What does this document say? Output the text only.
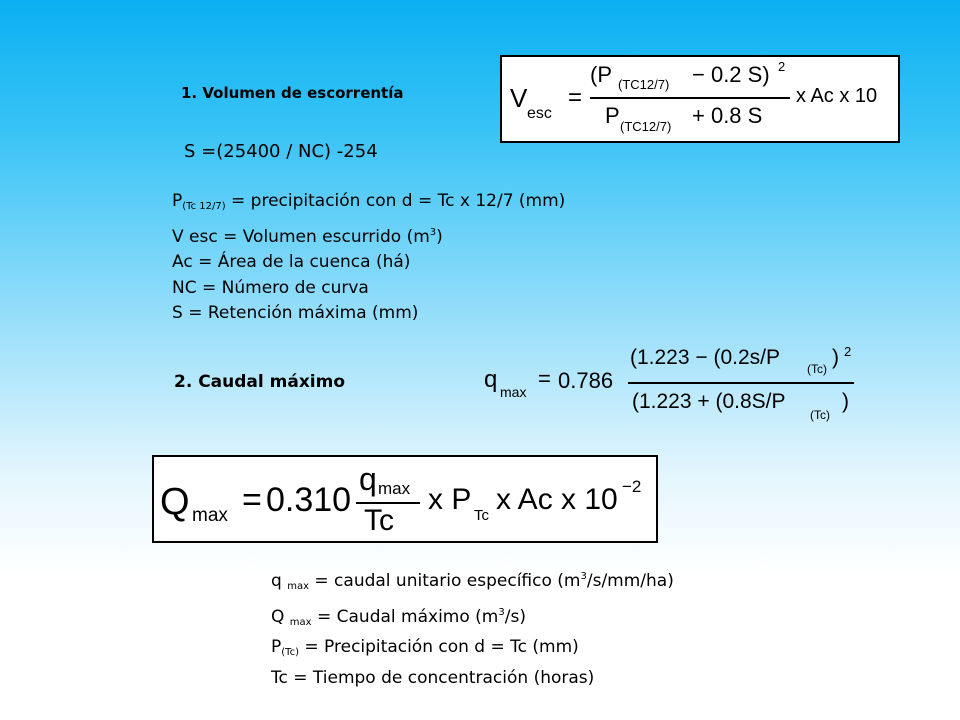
1. Volumen de escorrentía	V
esc
=
(P (TC12/7) − 0.2 S) 2
P (TC12/7) + 0.8 S
x Ac x 10
S =(25400 / NC) -254
$P_{(Tc 12/7)}$ = precipitación con d = Tc x 12/7 (mm)
V esc = Volumen escurrido $(m^3)$
Ac = Área de la cuenca (há)
NC = Número de curva
S = Retención máxima (mm)
2. Caudal máximo	q max
= 0.786
(1.223 − (0.2s/P (Tc) ) 2
(1.223 + (0.8S/P
(Tc)
)
Q max = 0.310
q max
Tc
x P Tc x Ac x 10 −2
q $_{max}$ = caudal unitario específico $(m^3/s/mm/ha)$
Q $_{max}$ = Caudal máximo $(m^3/s)$
$P_{(Tc)}$ = Precipitación con d = Tc (mm)
Tc = Tiempo de concentración (horas)
